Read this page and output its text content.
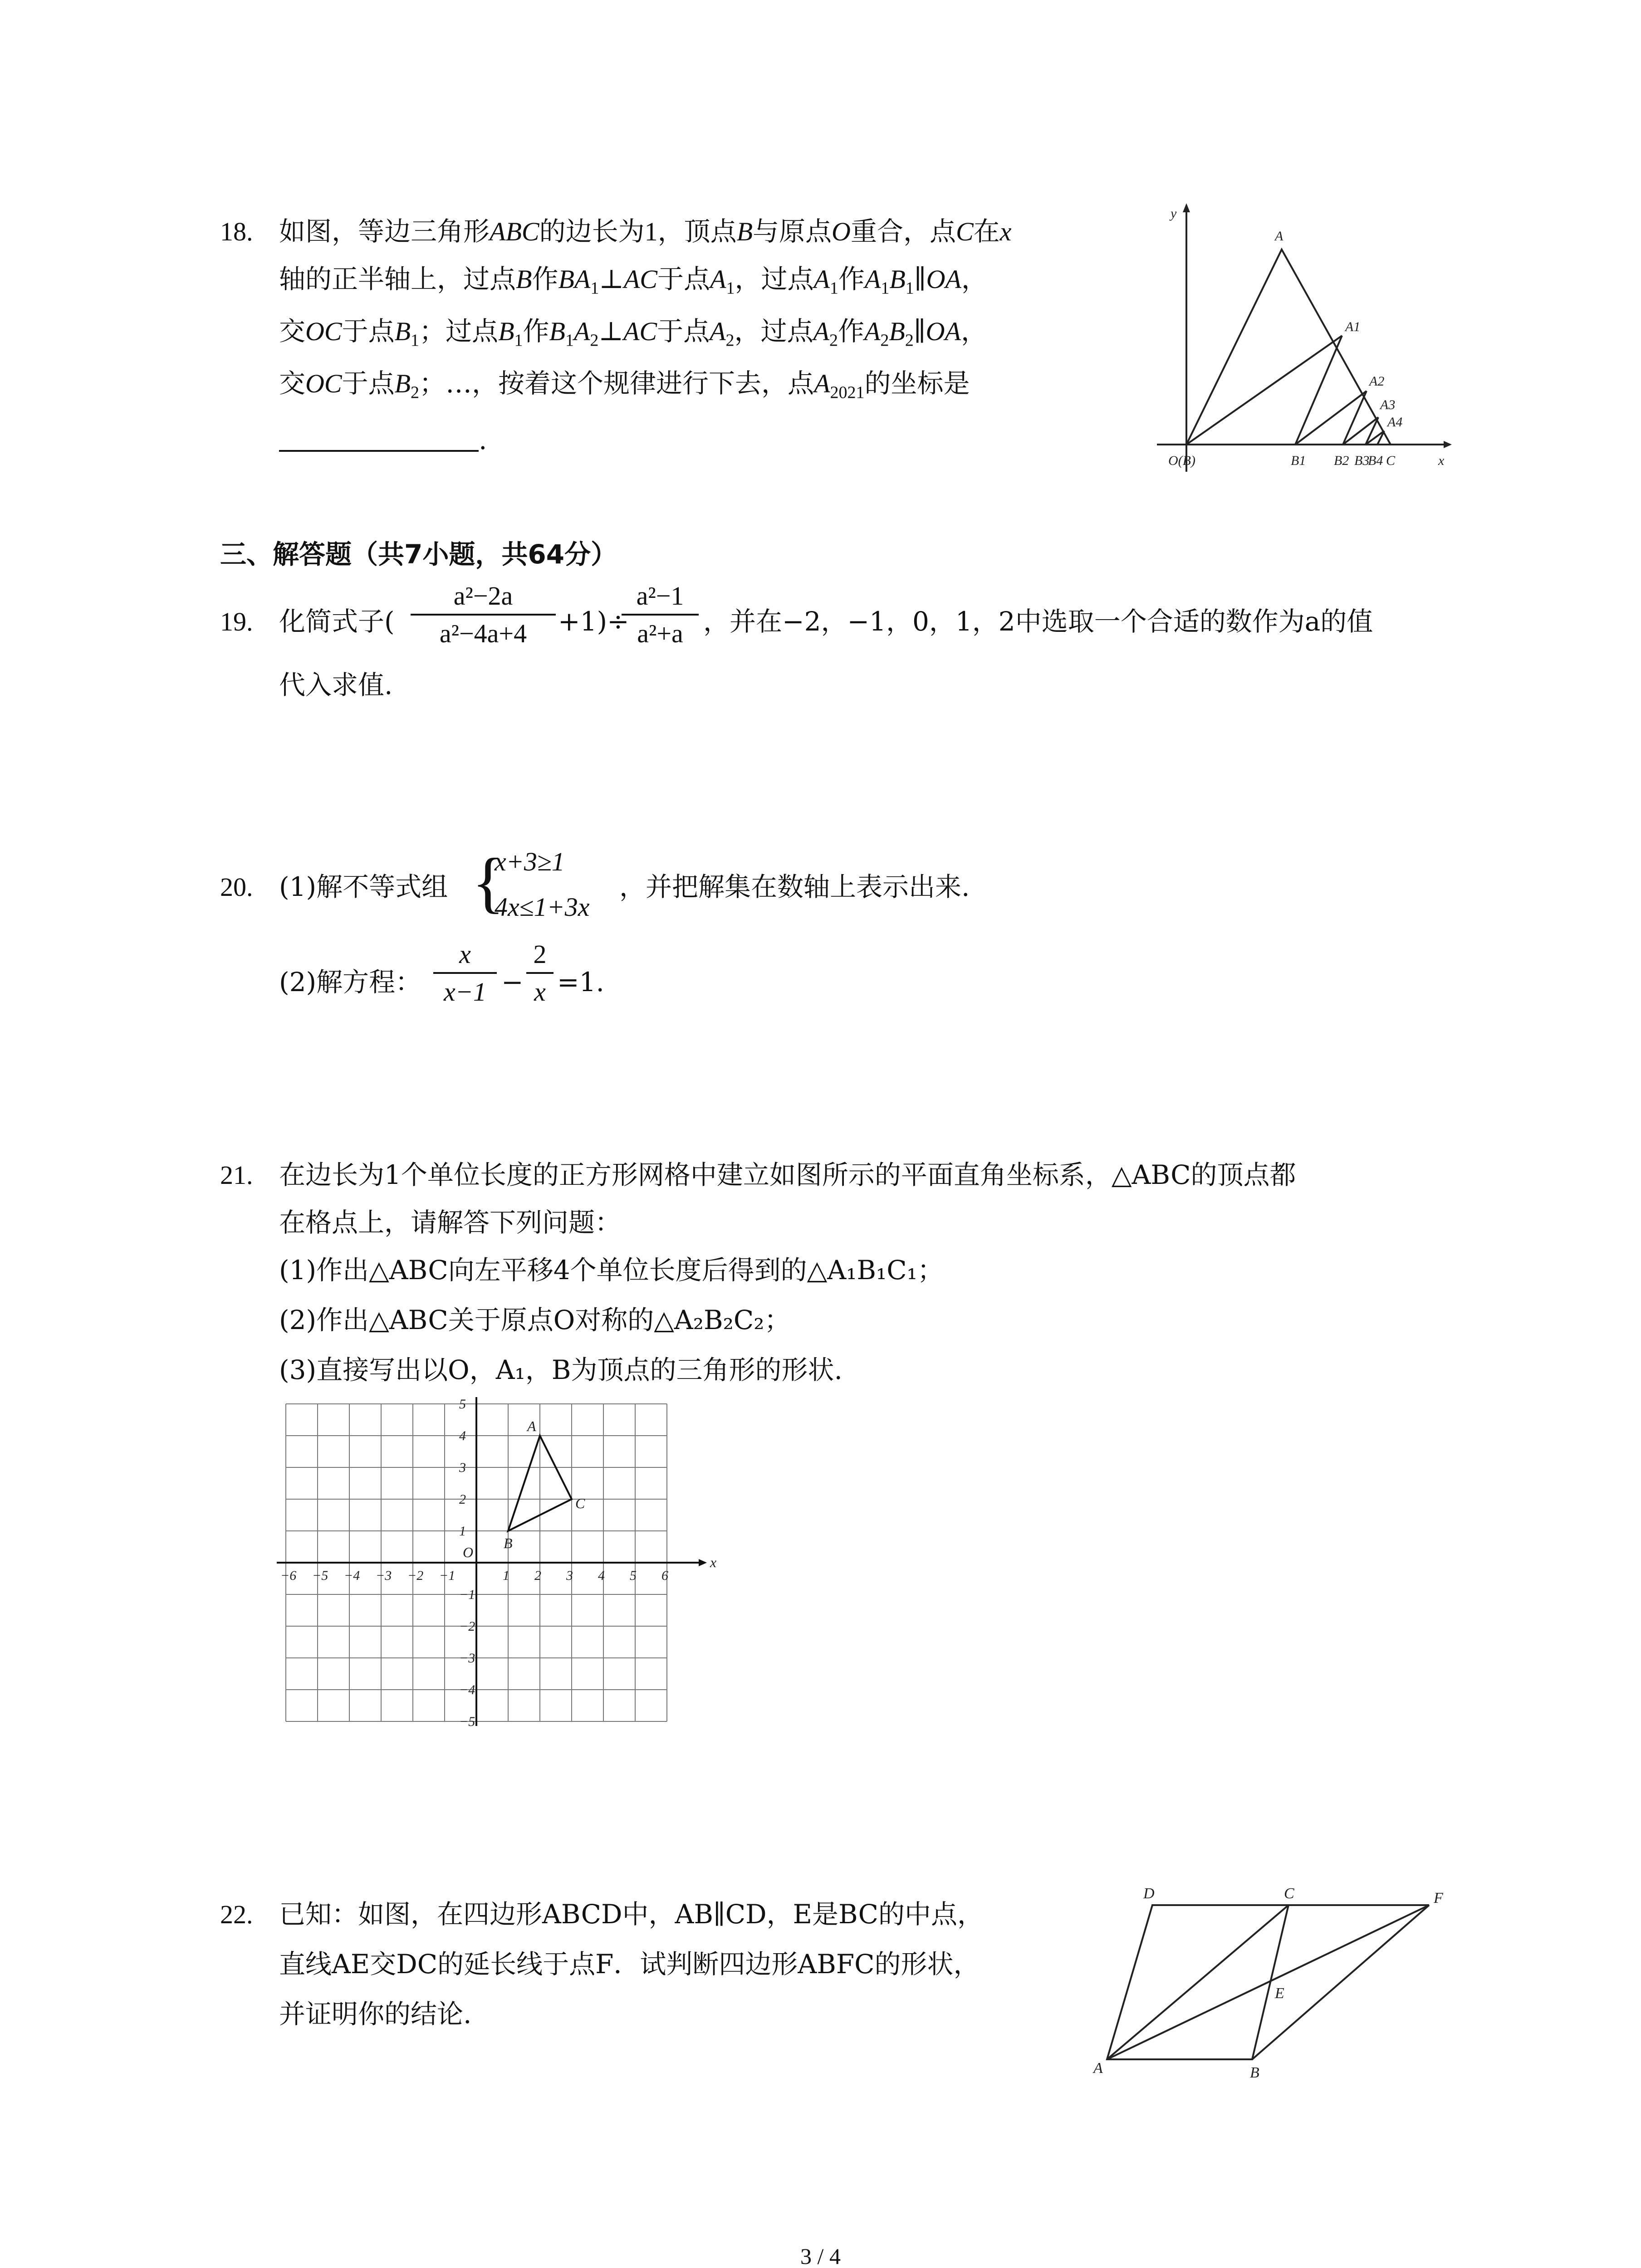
18. 如图，等边三角形ABC的边长为1，顶点B与原点O重合，点C在x
轴的正半轴上，过点B作$BA_1\perp AC$于点$A_1$，过点$A_1$作$A_1B_1\parallel OA$，
交OC于点$B_1$；过点$B_1$作$B_1A_2\perp AC$于点$A_2$，过点$A_2$作$A_2B_2\parallel OA$，
交OC于点$B_2$；…，按着这个规律进行下去，点$A_{2021}$的坐标是
.
y
A
A1
A2
A3
A4
O(B)	B1 B2 B3
B4 C	x
三、解答题（共7小题，共64分）
19. 化简式子(
a²−2a
a²−4a+4	+1)÷
a²−1
a²+a ，并在−2，−1，0，1，2中选取一个合适的数作为a的值
代入求值.
20. (1)解不等式组 {
x+3≥1
4x≤1+3x
，并把解集在数轴上表示出来.
(2)解方程：
x
x−1 −
2
x =1.
21. 在边长为1个单位长度的正方形网格中建立如图所示的平面直角坐标系，△ABC的顶点都
在格点上，请解答下列问题：
(1)作出△ABC向左平移4个单位长度后得到的△A₁B₁C₁；
(2)作出△ABC关于原点O对称的△A₂B₂C₂；
(3)直接写出以O，A₁，B为顶点的三角形的形状.
−6 −5 −4 −3 −2 −1	1 2 3 4 5 6
5
4
3
2
1
−1
−2
−3
−4
−5
O
x
A
B
C
22. 已知：如图，在四边形ABCD中，AB∥CD，E是BC的中点，
直线AE交DC的延长线于点F．试判断四边形ABFC的形状，
并证明你的结论.
D	C	F
E
A	B
3 / 4
